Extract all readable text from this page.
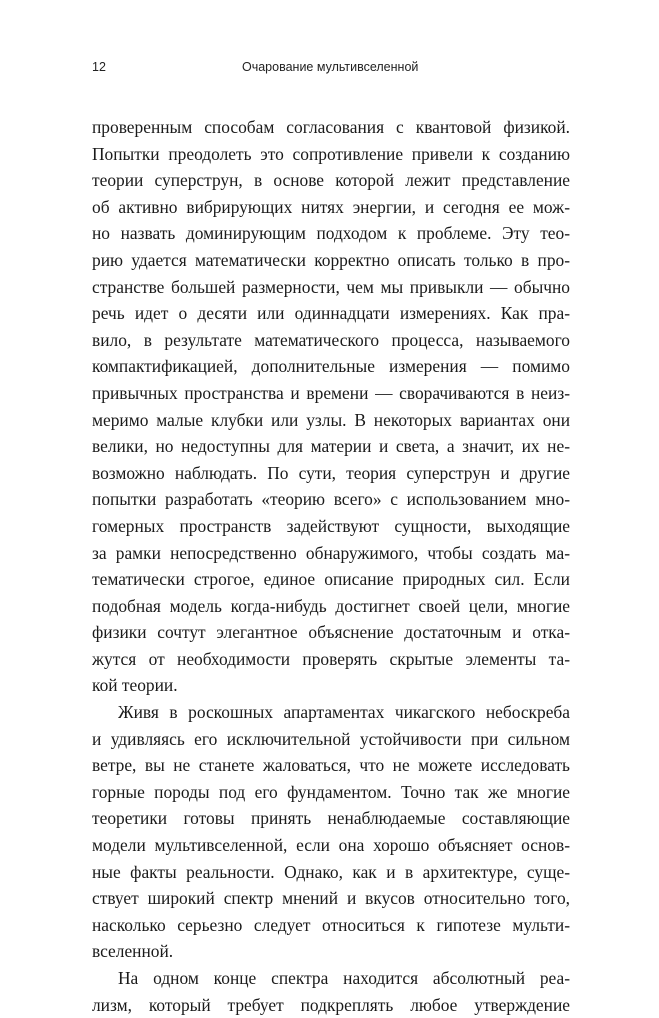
12	Очарование мультивселенной
проверенным способам согласования с квантовой физикой.
Попытки преодолеть это сопротивление привели к созданию
теории суперструн, в основе которой лежит представление
об активно вибрирующих нитях энергии, и сегодня ее мож-
но назвать доминирующим подходом к проблеме. Эту тео-
рию удается математически корректно описать только в про-
странстве большей размерности, чем мы привыкли — обычно
речь идет о десяти или одиннадцати измерениях. Как пра-
вило, в результате математического процесса, называемого
компактификацией, дополнительные измерения — помимо
привычных пространства и времени — сворачиваются в неиз-
меримо малые клубки или узлы. В некоторых вариантах они
велики, но недоступны для материи и света, а значит, их не-
возможно наблюдать. По сути, теория суперструн и другие
попытки разработать «теорию всего» с использованием мно-
гомерных пространств задействуют сущности, выходящие
за рамки непосредственно обнаружимого, чтобы создать ма-
тематически строгое, единое описание природных сил. Если
подобная модель когда-нибудь достигнет своей цели, многие
физики сочтут элегантное объяснение достаточным и отка-
жутся от необходимости проверять скрытые элементы та-
кой теории.
Живя в роскошных апартаментах чикагского небоскреба
и удивляясь его исключительной устойчивости при сильном
ветре, вы не станете жаловаться, что не можете исследовать
горные породы под его фундаментом. Точно так же многие
теоретики готовы принять ненаблюдаемые составляющие
модели мультивселенной, если она хорошо объясняет основ-
ные факты реальности. Однако, как и в архитектуре, суще-
ствует широкий спектр мнений и вкусов относительно того,
насколько серьезно следует относиться к гипотезе мульти-
вселенной.
На одном конце спектра находится абсолютный реа-
лизм, который требует подкреплять любое утверждение
